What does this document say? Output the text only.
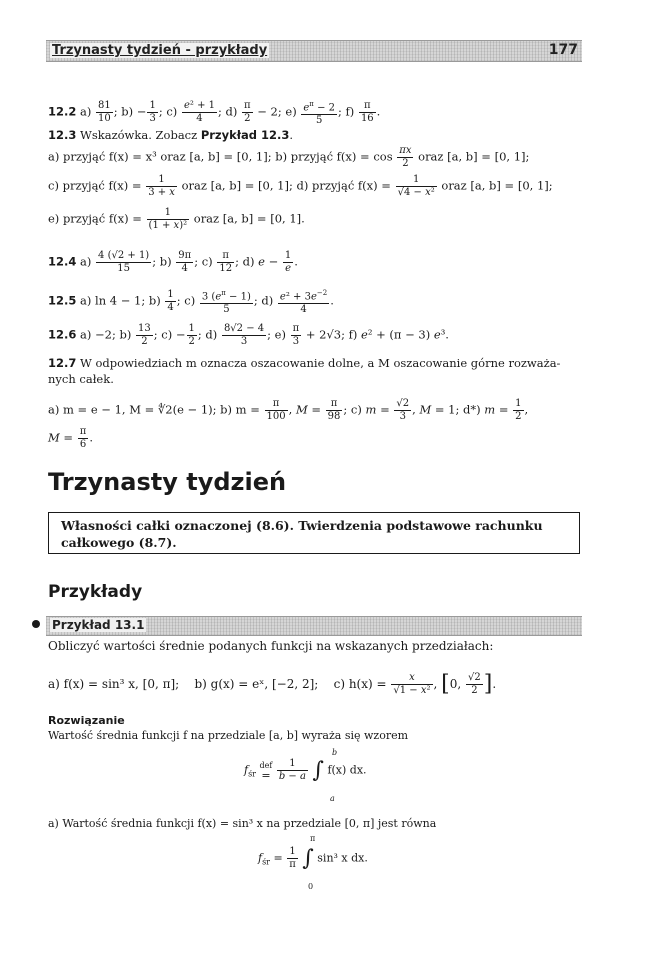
Trzynasty tydzień - przykłady	177
12.2 $a) \frac{81}{10}$ ; $b) - \frac{1}{3}$ ; $c) \frac{\text{e² + 1}}{4}$ ; $d) \frac{\pi}{2} - 2$; $e) \frac{e^\pi - 2}{5}$ ; $f) \frac{\pi}{16}$ .
12.3 Wskazówka. Zobacz Przykład 12.3.
a) przyjąć f(x) = x³ oraz [a, b] = [0, 1]; b) przyjąć $f(x) = \cos \frac{\pi x}{2}$ oraz [a, b] = [0, 1];
c) przyjąć $f(x) = \frac{1}{3 + x}$ oraz [a, b] = [0, 1]; d) przyjąć $f(x) = \frac{1}{\text{√4 − x²}}$ oraz [a, b] = [0, 1];
e) przyjąć $f(x) = \frac{1}{\text{(1 + x)²}}$ oraz [a, b] = [0, 1].
12.4 $a) \frac{4 (√2 + 1)}{15}$ ; $b) \frac{9\pi}{4}$ ; $c) \frac{\pi}{12}$ ; d) $e - \frac{1}{e}$ .
12.5 a) ln 4 − 1; $b) \frac{1}{4}$ ; $c) \frac{3 (e^\pi - 1)}{5}$ ; $d) \frac{e^2 + 3e^{-2}}{4}$ .
12.6 a) −2; $b) \frac{13}{2}$ ; $c) - \frac{1}{2}$ ; $d) \frac{8√2 - 4}{3}$ ; $e) \frac{\pi}{3} + 2√3$; f) e² + (π − 3) e³.
12.7 W odpowiedziach m oznacza oszacowanie dolne, a M oszacowanie górne rozważa-
nych całek.
a) m = e − 1, M = ∜2(e − 1); b) $m = \frac{\pi}{100}$ , $M = \frac{\pi}{98}$ ; c) $m = \frac{√2}{3}$ , M = 1; d*) $m = \frac{1}{2}$ ,
$M = \frac{\pi}{6}$ .
Trzynasty tydzień
Własności całki oznaczonej (8.6). Twierdzenia podstawowe rachunku
całkowego (8.7).
Przykłady
Przykład 13.1
Obliczyć wartości średnie podanych funkcji na wskazanych przedziałach:
a) f(x) = sin³ x, [0, π]; b) g(x) = eˣ, [−2, 2]; c) $h(x) = \frac{x}{\text{√1 − x²}}$ , [0, $\frac{√2}{2}$ ].
Rozwiązanie
Wartość średnia funkcji f na przedziale [a, b] wyraża się wzorem
$f_{śr}$
def
=
$\frac{1}{b - a}$ ∫ f(x) dx.
b
a
a) Wartość średnia funkcji f(x) = sin³ x na przedziale [0, π] jest równa
$f_{śr} = \frac{1}{\pi}$ ∫ sin³ x dx.
π
0
